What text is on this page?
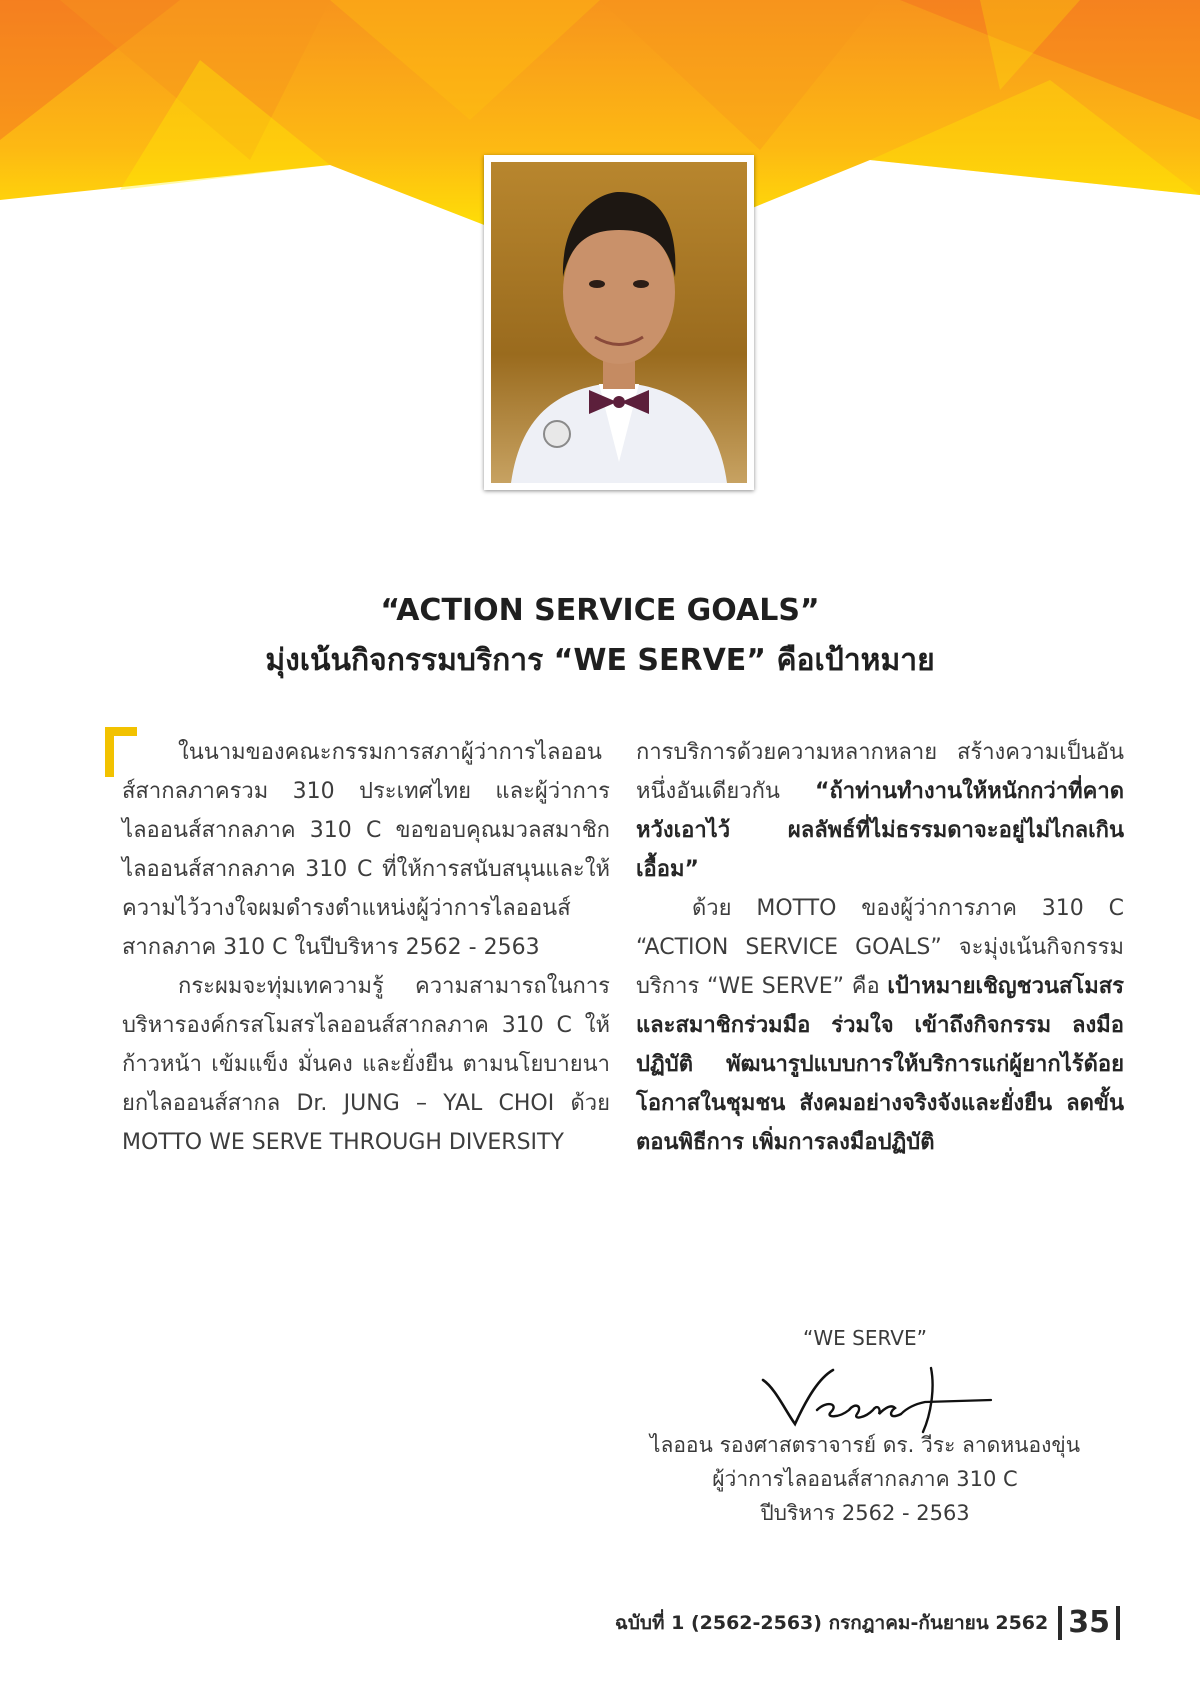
“ACTION SERVICE GOALS”
มุ่งเน้นกิจกรรมบริการ “WE SERVE” คือเป้าหมาย

ในนามของคณะกรรมการสภาผู้ว่าการไลออนส์สากลภาครวม 310 ประเทศไทย และผู้ว่าการไลออนส์สากลภาค 310 C ขอขอบคุณมวลสมาชิกไลออนส์สากลภาค 310 C ที่ให้การสนับสนุนและให้ความไว้วางใจผมดำรงตำแหน่งผู้ว่าการไลออนส์สากลภาค 310 C ในปีบริหาร 2562 - 2563

กระผมจะทุ่มเทความรู้ ความสามารถในการบริหารองค์กรสโมสรไลออนส์สากลภาค 310 C ให้ก้าวหน้า เข้มแข็ง มั่นคง และยั่งยืน ตามนโยบายนายกไลออนส์สากล Dr. JUNG – YAL CHOI ด้วย MOTTO WE SERVE THROUGH DIVERSITY

การบริการด้วยความหลากหลาย สร้างความเป็นอันหนึ่งอันเดียวกัน “ถ้าท่านทำงานให้หนักกว่าที่คาดหวังเอาไว้ ผลลัพธ์ที่ไม่ธรรมดาจะอยู่ไม่ไกลเกินเอื้อม”

ด้วย MOTTO ของผู้ว่าการภาค 310 C “ACTION SERVICE GOALS” จะมุ่งเน้นกิจกรรมบริการ “WE SERVE” คือ เป้าหมายเชิญชวนสโมสรและสมาชิกร่วมมือ ร่วมใจ เข้าถึงกิจกรรม ลงมือปฏิบัติ พัฒนารูปแบบการให้บริการแก่ผู้ยากไร้ด้อยโอกาสในชุมชน สังคมอย่างจริงจังและยั่งยืน ลดขั้นตอนพิธีการ เพิ่มการลงมือปฏิบัติ

“WE SERVE”
ไลออน รองศาสตราจารย์ ดร. วีระ ลาดหนองขุ่น
ผู้ว่าการไลออนส์สากลภาค 310 C
ปีบริหาร 2562 - 2563
ฉบับที่ 1 (2562-2563) กรกฎาคม-กันยายน 2562 35
